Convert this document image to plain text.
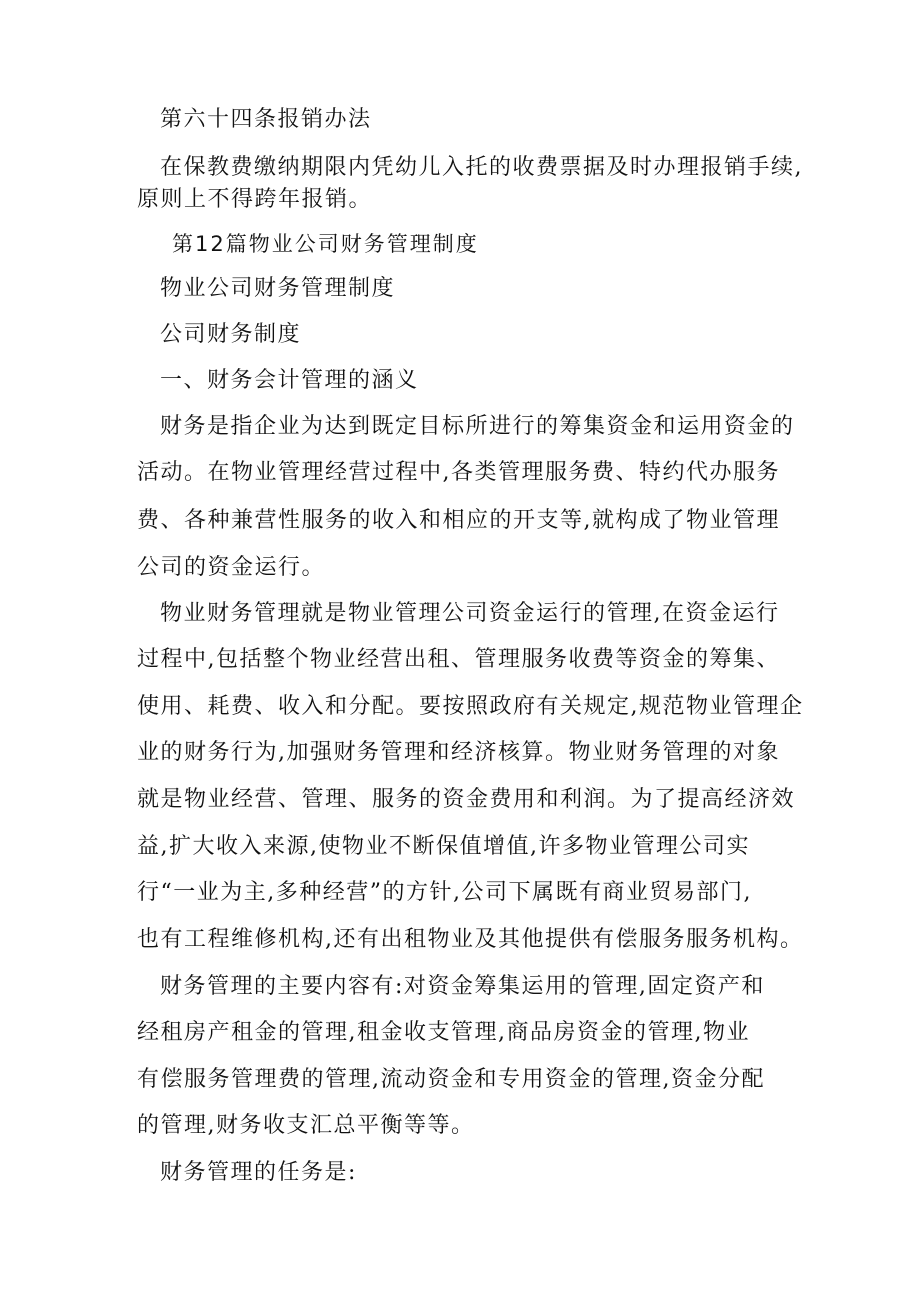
第六十四条报销办法
在保教费缴纳期限内凭幼儿入托的收费票据及时办理报销手续,
原则上不得跨年报销。
第12篇物业公司财务管理制度
物业公司财务管理制度
公司财务制度
一、财务会计管理的涵义
财务是指企业为达到既定目标所进行的筹集资金和运用资金的
活动。在物业管理经营过程中,各类管理服务费、特约代办服务
费、各种兼营性服务的收入和相应的开支等,就构成了物业管理
公司的资金运行。
物业财务管理就是物业管理公司资金运行的管理,在资金运行
过程中,包括整个物业经营出租、管理服务收费等资金的筹集、
使用、耗费、收入和分配。要按照政府有关规定,规范物业管理企
业的财务行为,加强财务管理和经济核算。物业财务管理的对象
就是物业经营、管理、服务的资金费用和利润。为了提高经济效
益,扩大收入来源,使物业不断保值增值,许多物业管理公司实
行“一业为主,多种经营”的方针,公司下属既有商业贸易部门,
也有工程维修机构,还有出租物业及其他提供有偿服务服务机构。
财务管理的主要内容有:对资金筹集运用的管理,固定资产和
经租房产租金的管理,租金收支管理,商品房资金的管理,物业
有偿服务管理费的管理,流动资金和专用资金的管理,资金分配
的管理,财务收支汇总平衡等等。
财务管理的任务是:
